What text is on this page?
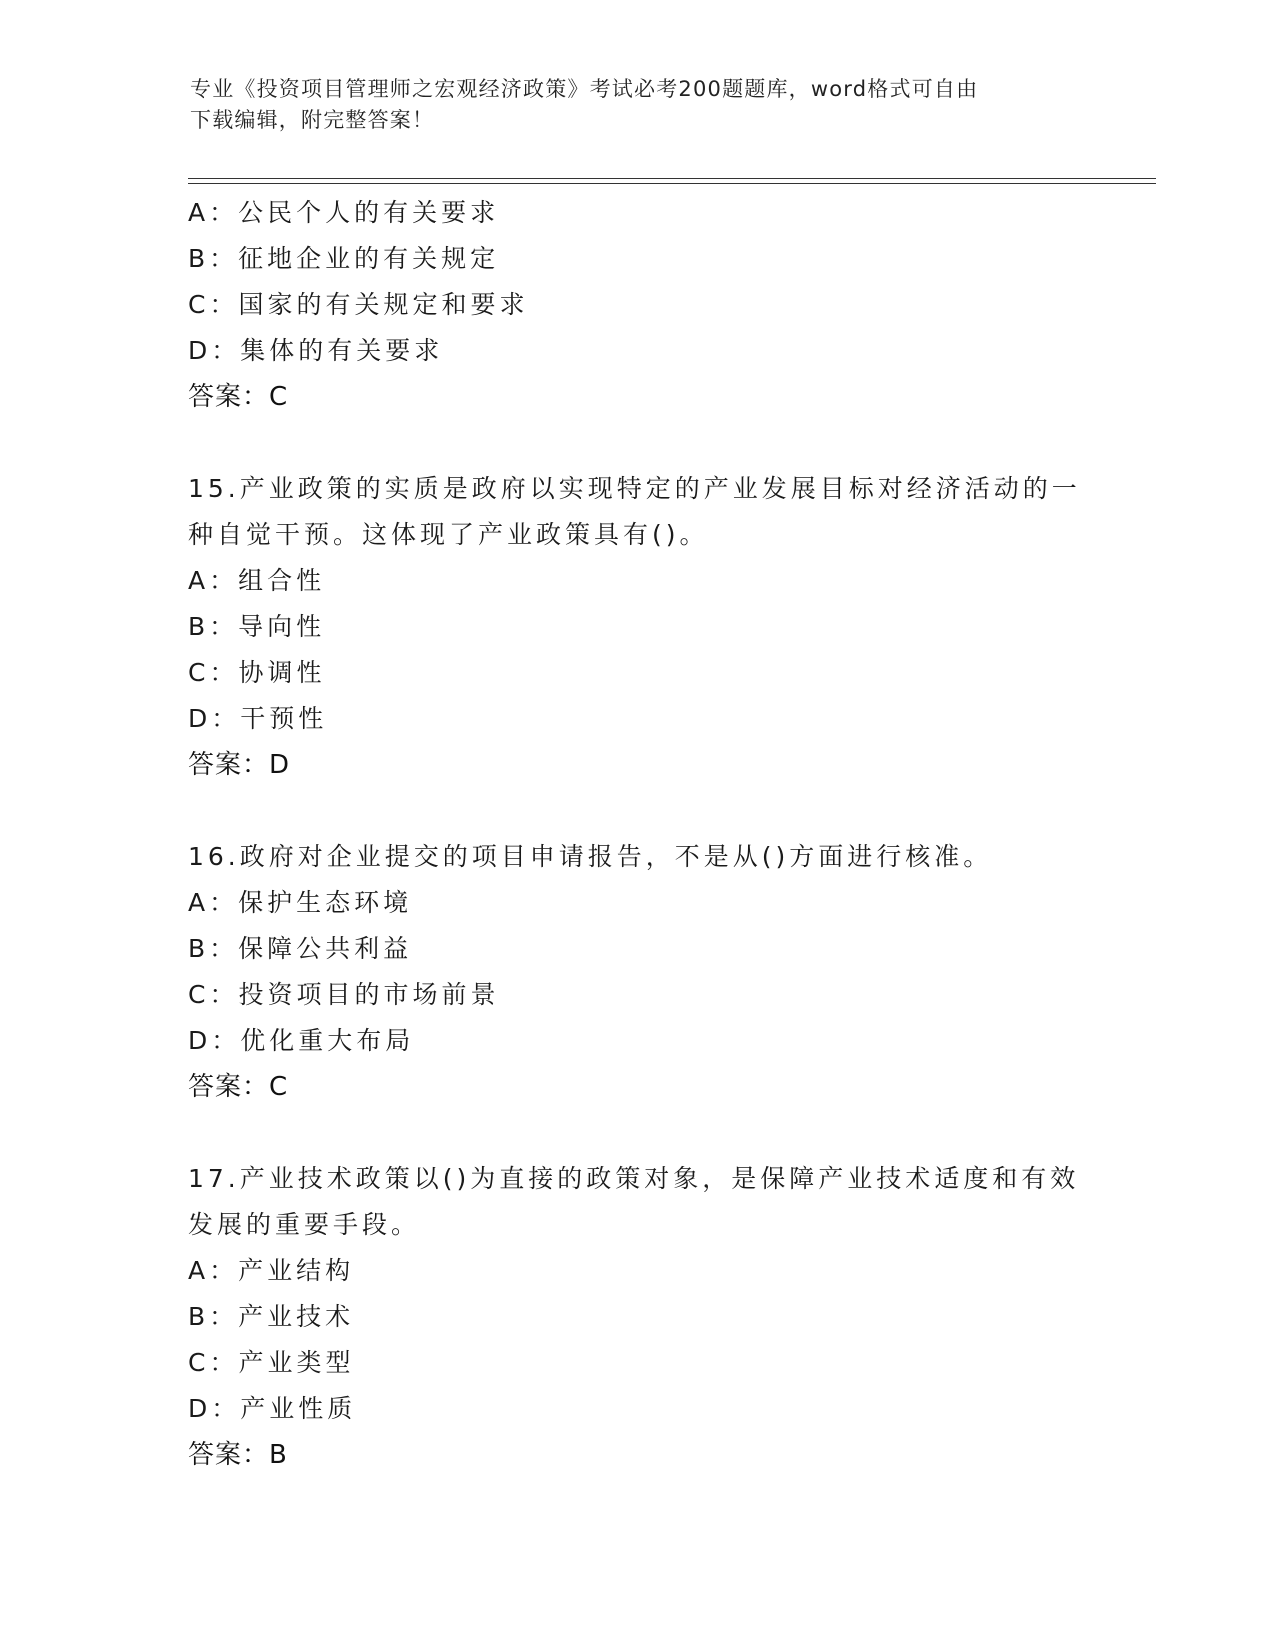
专业《投资项目管理师之宏观经济政策》考试必考200题题库，word格式可自由
下载编辑，附完整答案！
A：公民个人的有关要求
B：征地企业的有关规定
C：国家的有关规定和要求
D：集体的有关要求
答案：C
15.产业政策的实质是政府以实现特定的产业发展目标对经济活动的一
种自觉干预。这体现了产业政策具有()。
A：组合性
B：导向性
C：协调性
D：干预性
答案：D
16.政府对企业提交的项目申请报告，不是从()方面进行核准。
A：保护生态环境
B：保障公共利益
C：投资项目的市场前景
D：优化重大布局
答案：C
17.产业技术政策以()为直接的政策对象，是保障产业技术适度和有效
发展的重要手段。
A：产业结构
B：产业技术
C：产业类型
D：产业性质
答案：B
